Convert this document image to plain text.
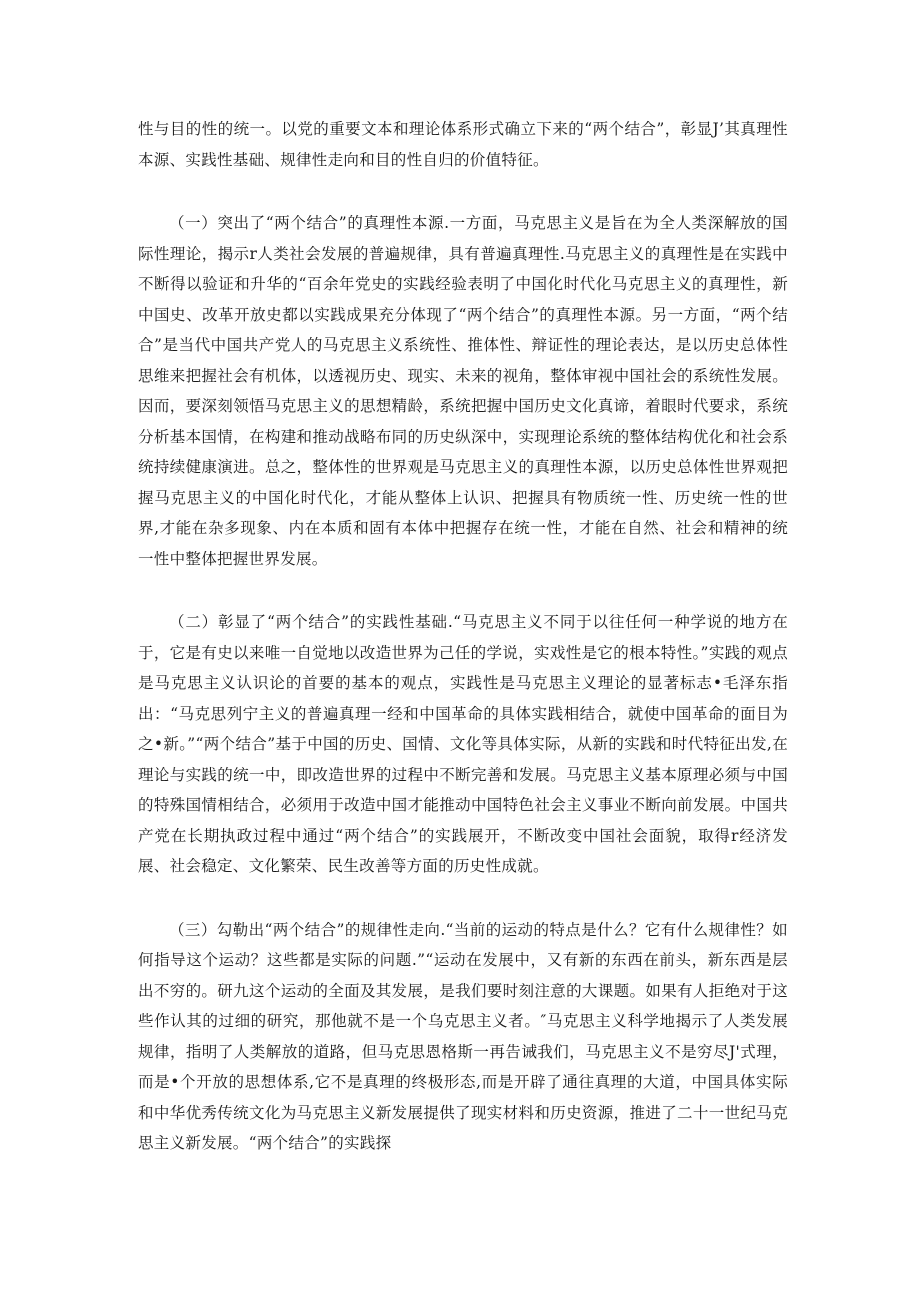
性与目的性的统一。以党的重要文本和理论体系形式确立下来的“两个结合”，彰显J’其真理性本源、实践性基础、规律性走向和目的性自归的价值特征。

（一）突出了“两个结合”的真理性本源.一方面，马克思主义是旨在为全人类深解放的国际性理论，揭示r人类社会发展的普遍规律，具有普遍真理性.马克思主义的真理性是在实践中不断得以验证和升华的“百余年党史的实践经验表明了中国化时代化马克思主义的真理性，新中国史、改革开放史都以实践成果充分体现了“两个结合”的真理性本源。另一方面，“两个结合”是当代中国共产党人的马克思主义系统性、推体性、辩证性的理论表达，是以历史总体性思维来把握社会有机体，以透视历史、现实、未来的视角，整体审视中国社会的系统性发展。因而，要深刻领悟马克思主义的思想精龄，系统把握中国历史文化真谛，着眼时代要求，系统分析基本国情，在构建和推动战略布同的历史纵深中，实现理论系统的整体结构优化和社会系统持续健康演进。总之，整体性的世界观是马克思主义的真理性本源，以历史总体性世界观把握马克思主义的中国化时代化，才能从整体上认识、把握具有物质统一性、历史统一性的世界,才能在杂多现象、内在本质和固有本体中把握存在统一性，才能在自然、社会和精神的统一性中整体把握世界发展。

（二）彰显了“两个结合”的实践性基础.“马克思主义不同于以往任何一种学说的地方在于，它是有史以来唯一自觉地以改造世界为己任的学说，实戏性是它的根本特性。”实践的观点是马克思主义认识论的首要的基本的观点，实践性是马克思主义理论的显著标志•毛泽东指出：“马克思列宁主义的普遍真理一经和中国革命的具体实践相结合，就使中国革命的面目为之•新。”“两个结合”基于中国的历史、国情、文化等具体实际，从新的实践和时代特征出发,在理论与实践的统一中，即改造世界的过程中不断完善和发展。马克思主义基本原理必须与中国的特殊国情相结合，必须用于改造中国才能推动中国特色社会主义事业不断向前发展。中国共产党在长期执政过程中通过“两个结合”的实践展开，不断改变中国社会面貌，取得r经济发展、社会稳定、文化繁荣、民生改善等方面的历史性成就。

（三）勾勒出“两个结合”的规律性走向.“当前的运动的特点是什么？它有什么规律性？如何指导这个运动？这些都是实际的问题.”“运动在发展中，又有新的东西在前头，新东西是层出不穷的。研九这个运动的全面及其发展，是我们要时刻注意的大课题。如果有人拒绝对于这些作认其的过细的研究，那他就不是一个乌克思主义者。″马克思主义科学地揭示了人类发展规律，指明了人类解放的道路，但马克思恩格斯一再告诫我们，马克思主义不是穷尽J'式理，而是•个开放的思想体系,它不是真理的终极形态,而是开辟了通往真理的大道，中国具体实际和中华优秀传统文化为马克思主义新发展提供了现实材料和历史资源，推进了二十一世纪马克思主义新发展。“两个结合”的实践探
